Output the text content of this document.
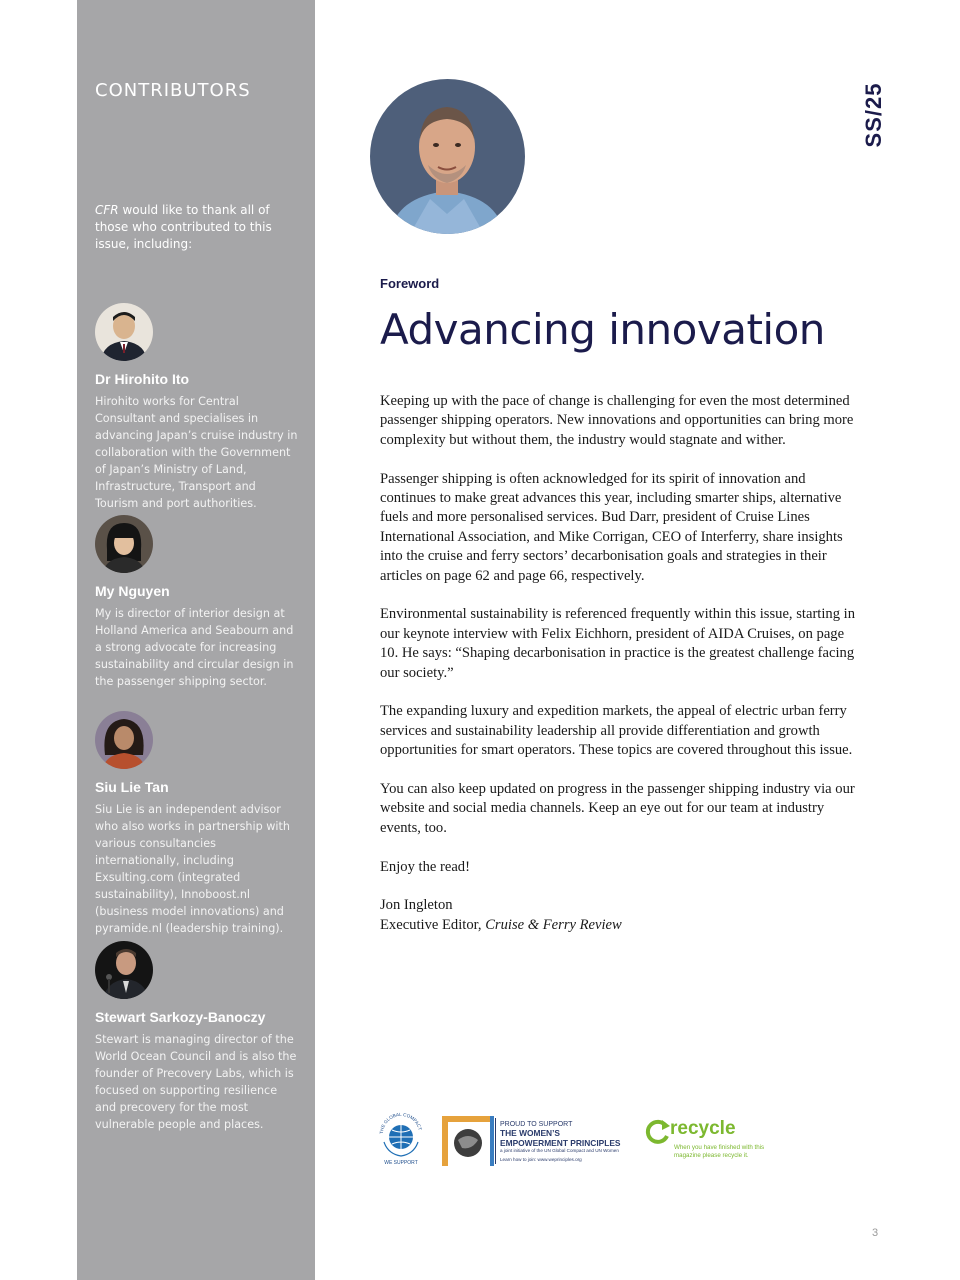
CONTRIBUTORS
CFR would like to thank all of those who contributed to this issue, including:
Dr Hirohito Ito
Hirohito works for Central Consultant and specialises in advancing Japan’s cruise industry in collaboration with the Government of Japan’s Ministry of Land, Infrastructure, Transport and Tourism and port authorities.
My Nguyen
My is director of interior design at Holland America and Seabourn and a strong advocate for increasing sustainability and circular design in the passenger shipping sector.
Siu Lie Tan
Siu Lie is an independent advisor who also works in partnership with various consultancies internationally, including Exsulting.com (integrated sustainability), Innoboost.nl (business model innovations) and pyramide.nl (leadership training).
Stewart Sarkozy-Banoczy
Stewart is managing director of the World Ocean Council and is also the founder of Precovery Labs, which is focused on supporting resilience and precovery for the most vulnerable people and places.
SS/25
Foreword
Advancing innovation

Keeping up with the pace of change is challenging for even the most determined passenger shipping operators. New innovations and opportunities can bring more complexity but without them, the industry would stagnate and wither.

Passenger shipping is often acknowledged for its spirit of innovation and continues to make great advances this year, including smarter ships, alternative fuels and more personalised services. Bud Darr, president of Cruise Lines International Association, and Mike Corrigan, CEO of Interferry, share insights into the cruise and ferry sectors’ decarbonisation goals and strategies in their articles on page 62 and page 66, respectively.

Environmental sustainability is referenced frequently within this issue, starting in our keynote interview with Felix Eichhorn, president of AIDA Cruises, on page 10. He says: “Shaping decarbonisation in practice is the greatest challenge facing our society.”

The expanding luxury and expedition markets, the appeal of electric urban ferry services and sustainability leadership all provide differentiation and growth opportunities for smart operators. These topics are covered throughout this issue.

You can also keep updated on progress in the passenger shipping industry via our website and social media channels. Keep an eye out for our team at industry events, too.

Enjoy the read!

Jon Ingleton
Executive Editor, Cruise & Ferry Review
THE GLOBAL COMPACT
WE SUPPORT
PROUD TO SUPPORT
THE WOMEN’S EMPOWERMENT PRINCIPLES
a joint initiative of the UN Global Compact and UN Women
Learn how to join: www.weprinciples.org
recycle
When you have finished with this magazine please recycle it.
3
